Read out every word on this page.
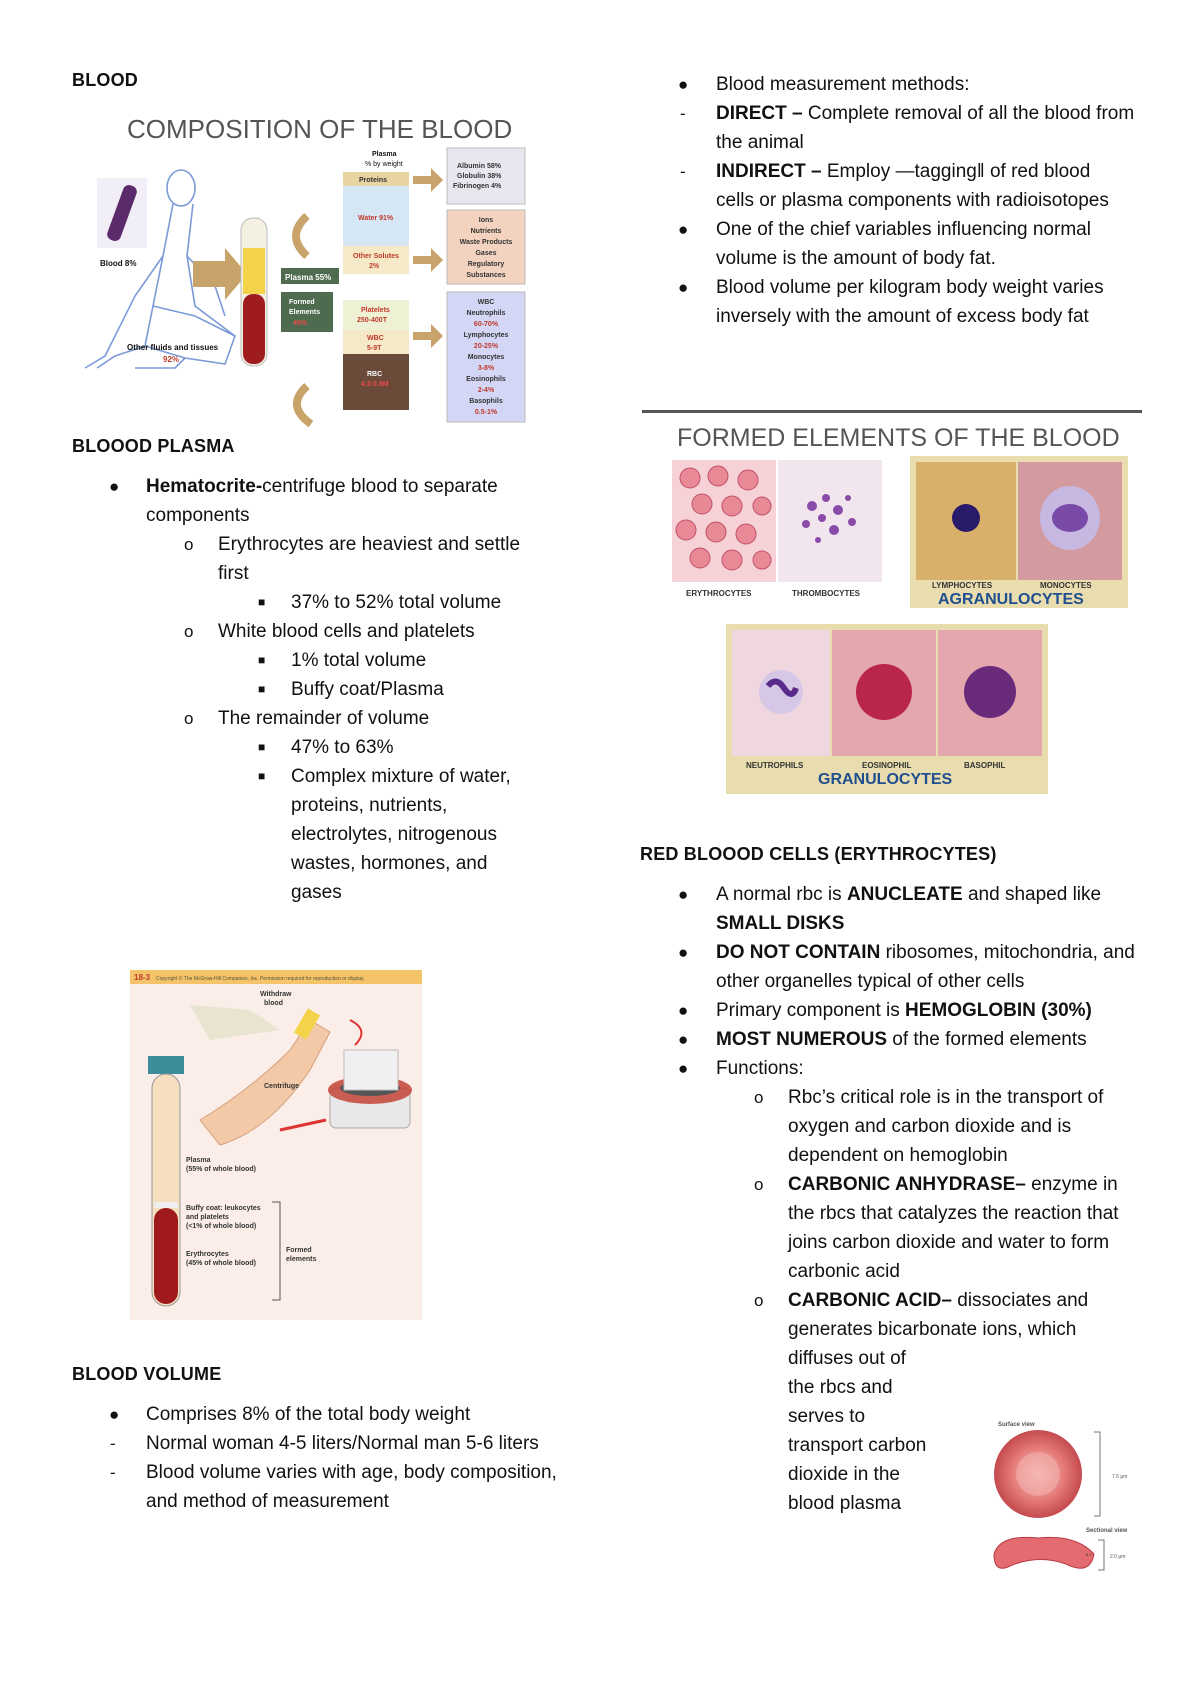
BLOOD

COMPOSITION OF THE BLOOD
Blood 8%
Other fluids and tissues
92%
Plasma 55%
Formed
Elements
45%
Plasma
% by weight
Proteins
Water 91%
Other Solutes
2%
Platelets
250-400T
WBC
5-9T
RBC
4.2-5.8M
Albumin 58%
Globulin 38%
Fibrinogen 4%
Ions
Nutrients
Waste Products
Gases
Regulatory
Substances
WBC
Neutrophils
60-70%
Lymphocytes
20-25%
Monocytes
3-8%
Eosinophils
2-4%
Basophils
0.5-1%

BLOOOD PLASMA

● Hematocrite-centrifuge blood to separate components
o Erythrocytes are heaviest and settle first
■ 37% to 52% total volume
o White blood cells and platelets
■ 1% total volume
■ Buffy coat/Plasma
o The remainder of volume
■ 47% to 63%
■ Complex mixture of water, proteins, nutrients, electrolytes, nitrogenous wastes, hormones, and gases
18-3 Copyright © The McGraw-Hill Companies, Inc. Permission required for reproduction or display.
Withdraw
blood
Centrifuge
Plasma
(55% of whole blood)
Buffy coat: leukocytes
and platelets
(<1% of whole blood)
Erythrocytes
(45% of whole blood)
Formed
elements

BLOOD VOLUME

● Comprises 8% of the total body weight
- Normal woman 4-5 liters/Normal man 5-6 liters
- Blood volume varies with age, body composition, and method of measurement
● Blood measurement methods:
- DIRECT – Complete removal of all the blood from the animal
- INDIRECT – Employ ―tagging‖ of red blood cells or plasma components with radioisotopes
● One of the chief variables influencing normal volume is the amount of body fat.
● Blood volume per kilogram body weight varies inversely with the amount of excess body fat
FORMED ELEMENTS OF THE BLOOD
ERYTHROCYTES	THROMBOCYTES
LYMPHOCYTES	MONOCYTES
AGRANULOCYTES
NEUTROPHILS	EOSINOPHIL	BASOPHIL
GRANULOCYTES

RED BLOOOD CELLS (ERYTHROCYTES)

● A normal rbc is ANUCLEATE and shaped like SMALL DISKS
● DO NOT CONTAIN ribosomes, mitochondria, and other organelles typical of other cells
● Primary component is HEMOGLOBIN (30%)
● MOST NUMEROUS of the formed elements
● Functions:
o Rbc’s critical role is in the transport of oxygen and carbon dioxide and is dependent on hemoglobin
o CARBONIC ANHYDRASE– enzyme in the rbcs that catalyzes the reaction that joins carbon dioxide and water to form carbonic acid
o CARBONIC ACID– dissociates and generates bicarbonate ions, which
diffuses out of
the rbcs and
serves to
transport carbon
dioxide in the
blood plasma
Surface view
7.5 μm
Sectional view
2.0 μm
8.0
